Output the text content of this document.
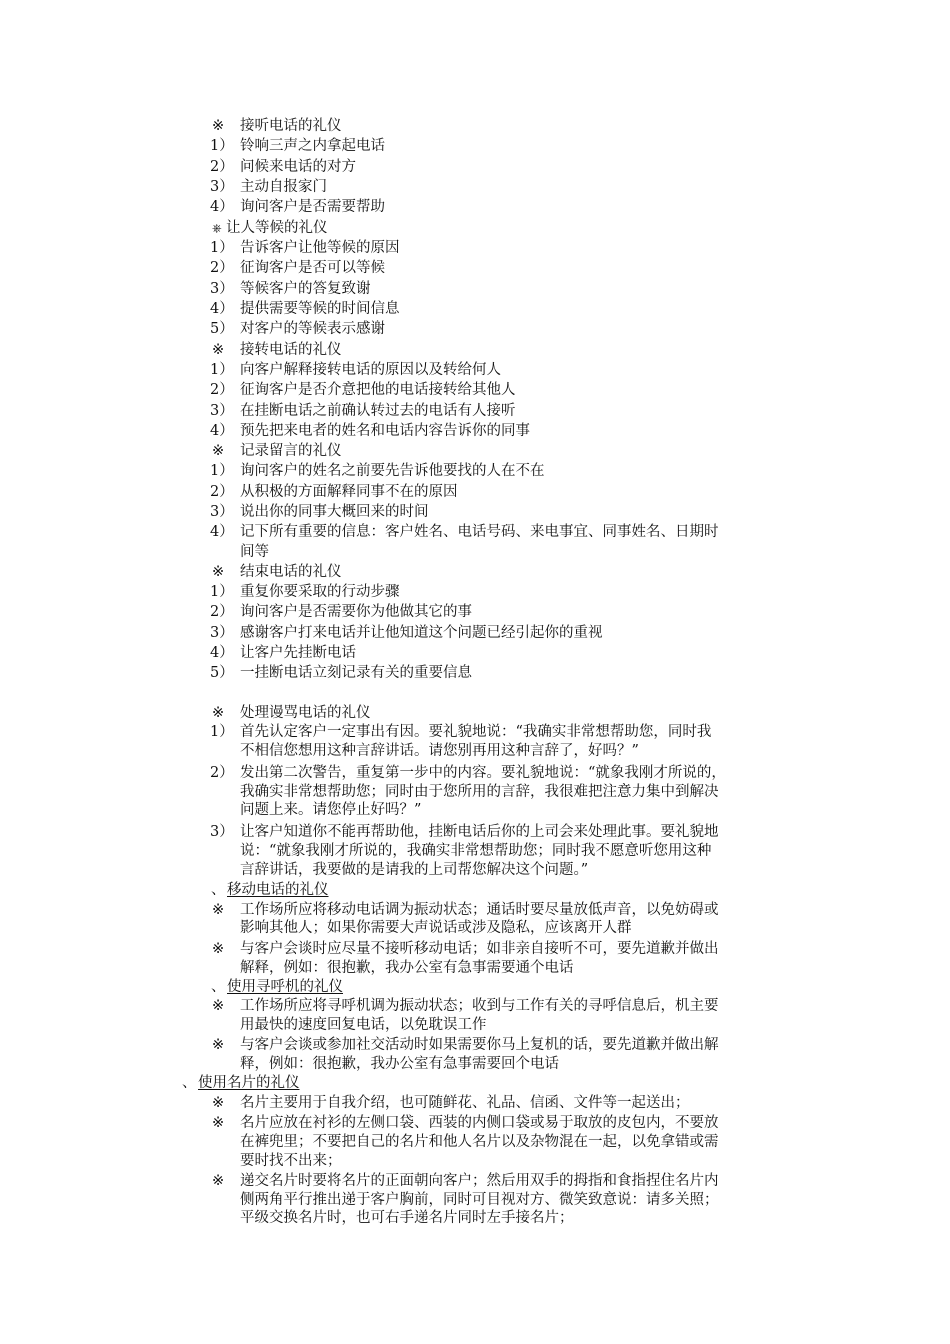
※ 接听电话的礼仪
1） 铃响三声之内拿起电话
2） 问候来电话的对方
3） 主动自报家门
4） 询问客户是否需要帮助
⎈ 让人等候的礼仪
1） 告诉客户让他等候的原因
2） 征询客户是否可以等候
3） 等候客户的答复致谢
4） 提供需要等候的时间信息
5） 对客户的等候表示感谢
※ 接转电话的礼仪
1） 向客户解释接转电话的原因以及转给何人
2） 征询客户是否介意把他的电话接转给其他人
3） 在挂断电话之前确认转过去的电话有人接听
4） 预先把来电者的姓名和电话内容告诉你的同事
※ 记录留言的礼仪
1） 询问客户的姓名之前要先告诉他要找的人在不在
2） 从积极的方面解释同事不在的原因
3） 说出你的同事大概回来的时间
4） 记下所有重要的信息：客户姓名、电话号码、来电事宜、同事姓名、日期时
间等
※ 结束电话的礼仪
1） 重复你要采取的行动步骤
2） 询问客户是否需要你为他做其它的事
3） 感谢客户打来电话并让他知道这个问题已经引起你的重视
4） 让客户先挂断电话
5） 一挂断电话立刻记录有关的重要信息
※ 处理谩骂电话的礼仪
1） 首先认定客户一定事出有因。要礼貌地说：“我确实非常想帮助您，同时我
不相信您想用这种言辞讲话。请您别再用这种言辞了，好吗？”
2） 发出第二次警告，重复第一步中的内容。要礼貌地说：“就象我刚才所说的，
我确实非常想帮助您；同时由于您所用的言辞，我很难把注意力集中到解决
问题上来。请您停止好吗？”
3） 让客户知道你不能再帮助他，挂断电话后你的上司会来处理此事。要礼貌地
说：“就象我刚才所说的，我确实非常想帮助您；同时我不愿意听您用这种
言辞讲话，我要做的是请我的上司帮您解决这个问题。”
、 移动电话的礼仪
※ 工作场所应将移动电话调为振动状态；通话时要尽量放低声音，以免妨碍或
影响其他人；如果你需要大声说话或涉及隐私，应该离开人群
※ 与客户会谈时应尽量不接听移动电话；如非亲自接听不可，要先道歉并做出
解释，例如：很抱歉，我办公室有急事需要通个电话
、 使用寻呼机的礼仪
※ 工作场所应将寻呼机调为振动状态；收到与工作有关的寻呼信息后，机主要
用最快的速度回复电话，以免耽误工作
※ 与客户会谈或参加社交活动时如果需要你马上复机的话，要先道歉并做出解
释，例如：很抱歉，我办公室有急事需要回个电话
、 使用名片的礼仪
※ 名片主要用于自我介绍，也可随鲜花、礼品、信函、文件等一起送出；
※ 名片应放在衬衫的左侧口袋、西装的内侧口袋或易于取放的皮包内，不要放
在裤兜里；不要把自己的名片和他人名片以及杂物混在一起，以免拿错或需
要时找不出来；
※ 递交名片时要将名片的正面朝向客户；然后用双手的拇指和食指捏住名片内
侧两角平行推出递于客户胸前，同时可目视对方、微笑致意说：请多关照；
平级交换名片时，也可右手递名片同时左手接名片；
